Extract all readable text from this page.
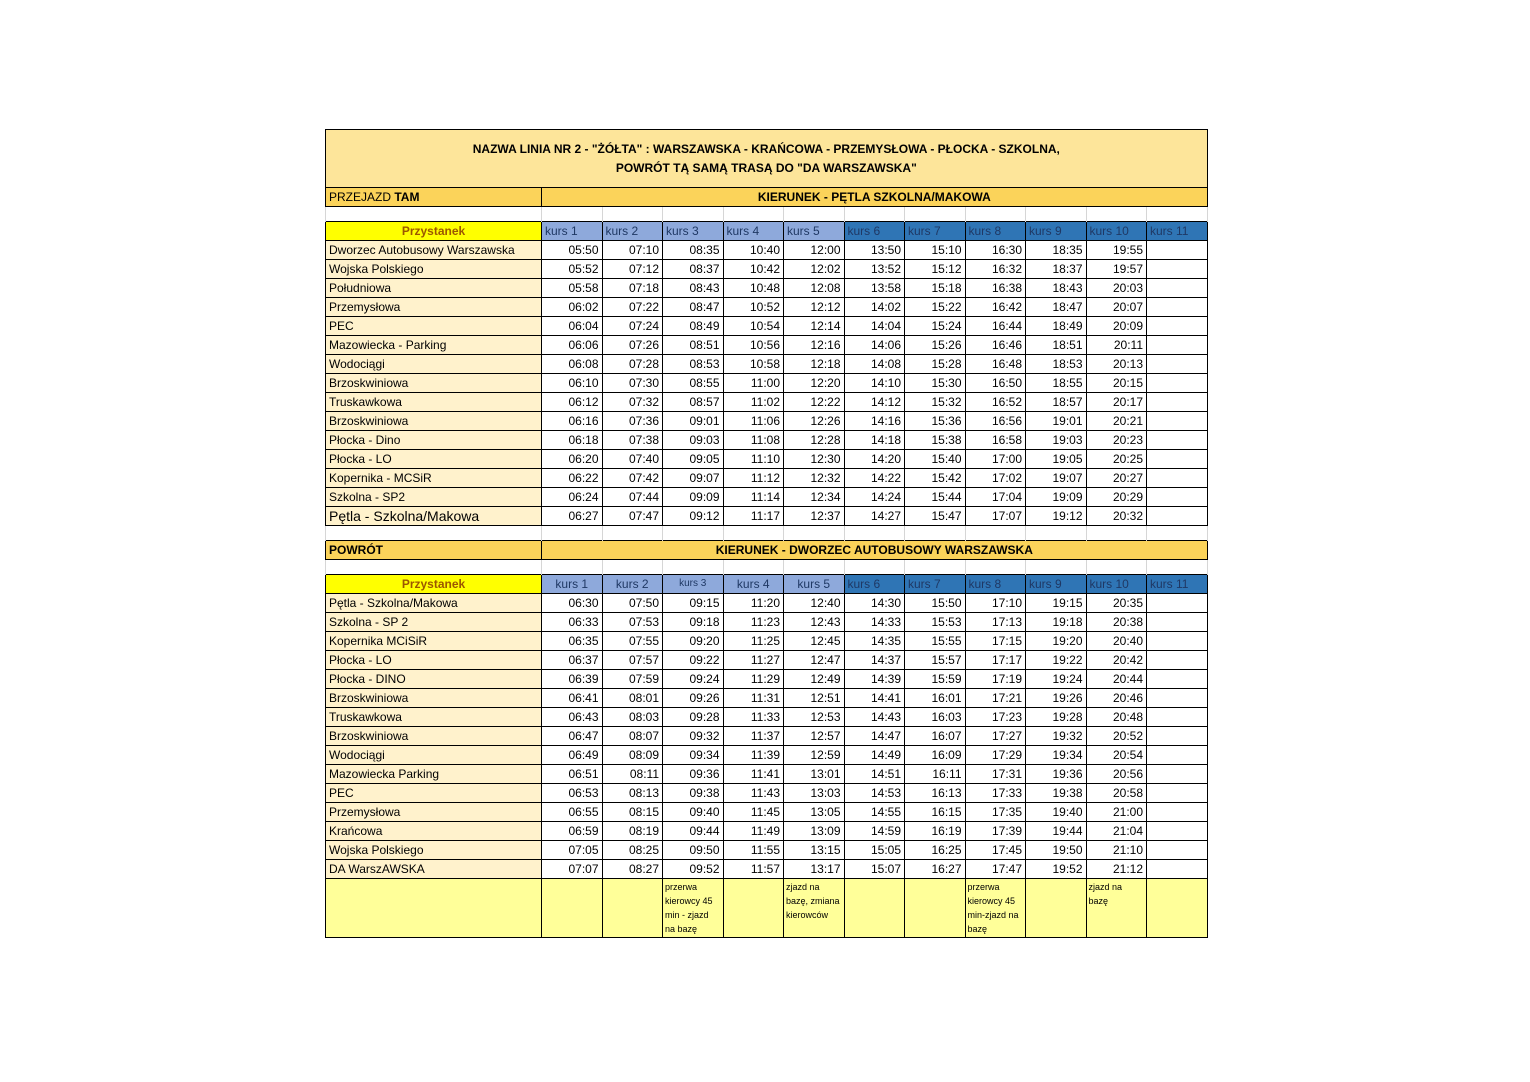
NAZWA LINIA NR 2 - "ŻÓŁTA" : WARSZAWSKA - KRAŃCOWA - PRZEMYSŁOWA - PŁOCKA - SZKOLNA,
POWRÓT TĄ SAMĄ TRASĄ DO "DA WARSZAWSKA"											
PRZEJAZD TAM	KIERUNEK - PĘTLA SZKOLNA/MAKOWA										

Przystanek	kurs 1	kurs 2	kurs 3	kurs 4	kurs 5	kurs 6	kurs 7	kurs 8	kurs 9	kurs 10	kurs 11
Dworzec Autobusowy Warszawska	05:50	07:10	08:35	10:40	12:00	13:50	15:10	16:30	18:35	19:55	
Wojska Polskiego	05:52	07:12	08:37	10:42	12:02	13:52	15:12	16:32	18:37	19:57	
Południowa	05:58	07:18	08:43	10:48	12:08	13:58	15:18	16:38	18:43	20:03	
Przemysłowa	06:02	07:22	08:47	10:52	12:12	14:02	15:22	16:42	18:47	20:07	
PEC	06:04	07:24	08:49	10:54	12:14	14:04	15:24	16:44	18:49	20:09	
Mazowiecka - Parking	06:06	07:26	08:51	10:56	12:16	14:06	15:26	16:46	18:51	20:11	
Wodociągi	06:08	07:28	08:53	10:58	12:18	14:08	15:28	16:48	18:53	20:13	
Brzoskwiniowa	06:10	07:30	08:55	11:00	12:20	14:10	15:30	16:50	18:55	20:15	
Truskawkowa	06:12	07:32	08:57	11:02	12:22	14:12	15:32	16:52	18:57	20:17	
Brzoskwiniowa	06:16	07:36	09:01	11:06	12:26	14:16	15:36	16:56	19:01	20:21	
Płocka - Dino	06:18	07:38	09:03	11:08	12:28	14:18	15:38	16:58	19:03	20:23	
Płocka - LO	06:20	07:40	09:05	11:10	12:30	14:20	15:40	17:00	19:05	20:25	
Kopernika - MCSiR	06:22	07:42	09:07	11:12	12:32	14:22	15:42	17:02	19:07	20:27	
Szkolna - SP2	06:24	07:44	09:09	11:14	12:34	14:24	15:44	17:04	19:09	20:29	
Pętla - Szkolna/Makowa	06:27	07:47	09:12	11:17	12:37	14:27	15:47	17:07	19:12	20:32	

POWRÓT	KIERUNEK - DWORZEC AUTOBUSOWY WARSZAWSKA										

Przystanek	kurs 1	kurs 2	kurs 3	kurs 4	kurs 5	kurs 6	kurs 7	kurs 8	kurs 9	kurs 10	kurs 11
Pętla - Szkolna/Makowa	06:30	07:50	09:15	11:20	12:40	14:30	15:50	17:10	19:15	20:35	
Szkolna - SP 2	06:33	07:53	09:18	11:23	12:43	14:33	15:53	17:13	19:18	20:38	
Kopernika MCiSiR	06:35	07:55	09:20	11:25	12:45	14:35	15:55	17:15	19:20	20:40	
Płocka - LO	06:37	07:57	09:22	11:27	12:47	14:37	15:57	17:17	19:22	20:42	
Płocka - DINO	06:39	07:59	09:24	11:29	12:49	14:39	15:59	17:19	19:24	20:44	
Brzoskwiniowa	06:41	08:01	09:26	11:31	12:51	14:41	16:01	17:21	19:26	20:46	
Truskawkowa	06:43	08:03	09:28	11:33	12:53	14:43	16:03	17:23	19:28	20:48	
Brzoskwiniowa	06:47	08:07	09:32	11:37	12:57	14:47	16:07	17:27	19:32	20:52	
Wodociągi	06:49	08:09	09:34	11:39	12:59	14:49	16:09	17:29	19:34	20:54	
Mazowiecka Parking	06:51	08:11	09:36	11:41	13:01	14:51	16:11	17:31	19:36	20:56	
PEC	06:53	08:13	09:38	11:43	13:03	14:53	16:13	17:33	19:38	20:58	
Przemysłowa	06:55	08:15	09:40	11:45	13:05	14:55	16:15	17:35	19:40	21:00	
Krańcowa	06:59	08:19	09:44	11:49	13:09	14:59	16:19	17:39	19:44	21:04	
Wojska Polskiego	07:05	08:25	09:50	11:55	13:15	15:05	16:25	17:45	19:50	21:10	
DA WarszAWSKA	07:07	08:27	09:52	11:57	13:17	15:07	16:27	17:47	19:52	21:12	
			przerwa kierowcy 45 min - zjazd na bazę		zjazd na bazę, zmiana kierowców			przerwa kierowcy 45 min-zjazd na bazę		zjazd na bazę	
